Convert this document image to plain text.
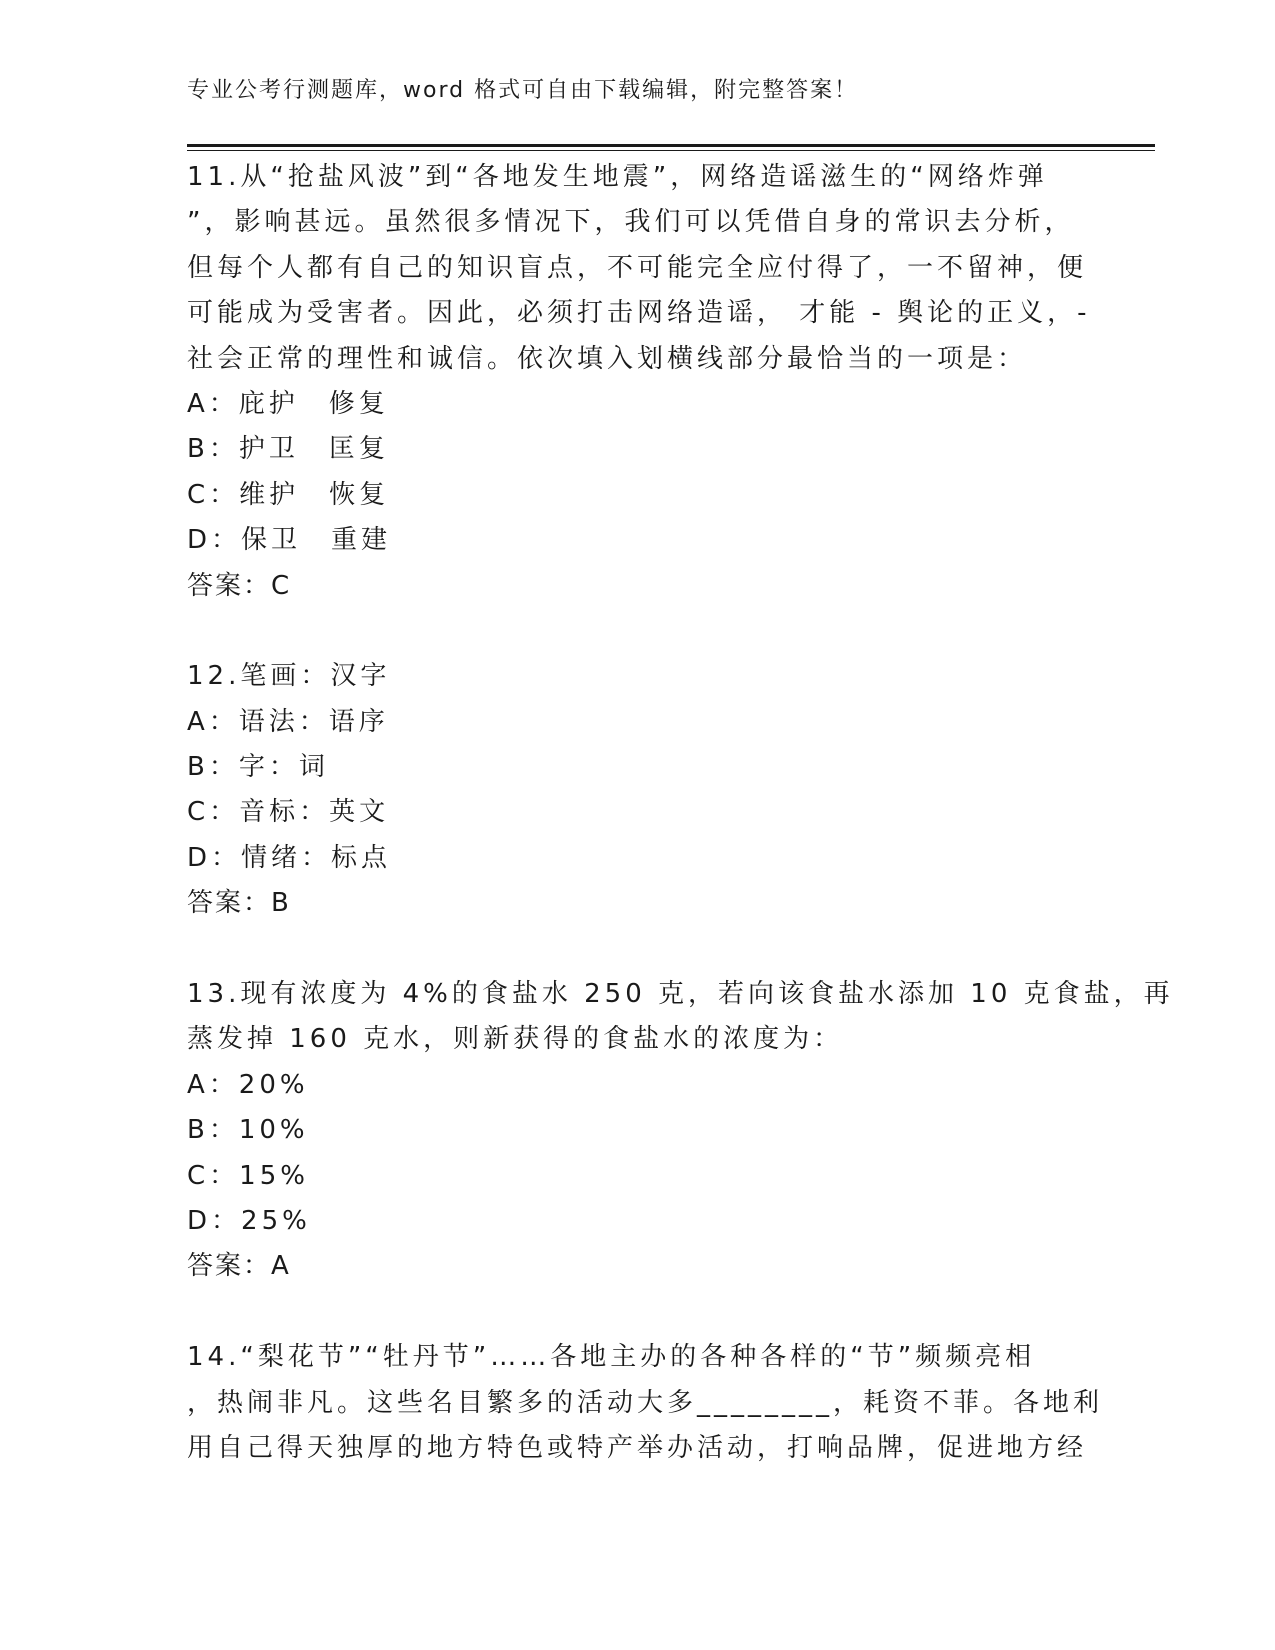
专业公考行测题库，word 格式可自由下载编辑，附完整答案！
11.从“抢盐风波”到“各地发生地震”，网络造谣滋生的“网络炸弹
”，影响甚远。虽然很多情况下，我们可以凭借自身的常识去分析，
但每个人都有自己的知识盲点，不可能完全应付得了，一不留神，便
可能成为受害者。因此，必须打击网络造谣， 才能 - 舆论的正义，-
社会正常的理性和诚信。依次填入划横线部分最恰当的一项是：
A：庇护　修复
B：护卫　匡复
C：维护　恢复
D：保卫　重建
答案：C
12.笔画：汉字
A：语法：语序
B：字：词
C：音标：英文
D：情绪：标点
答案：B
13.现有浓度为 4%的食盐水 250 克，若向该食盐水添加 10 克食盐，再
蒸发掉 160 克水，则新获得的食盐水的浓度为：
A：20%
B：10%
C：15%
D：25%
答案：A
14.“梨花节”“牡丹节”……各地主办的各种各样的“节”频频亮相
，热闹非凡。这些名目繁多的活动大多________，耗资不菲。各地利
用自己得天独厚的地方特色或特产举办活动，打响品牌，促进地方经
